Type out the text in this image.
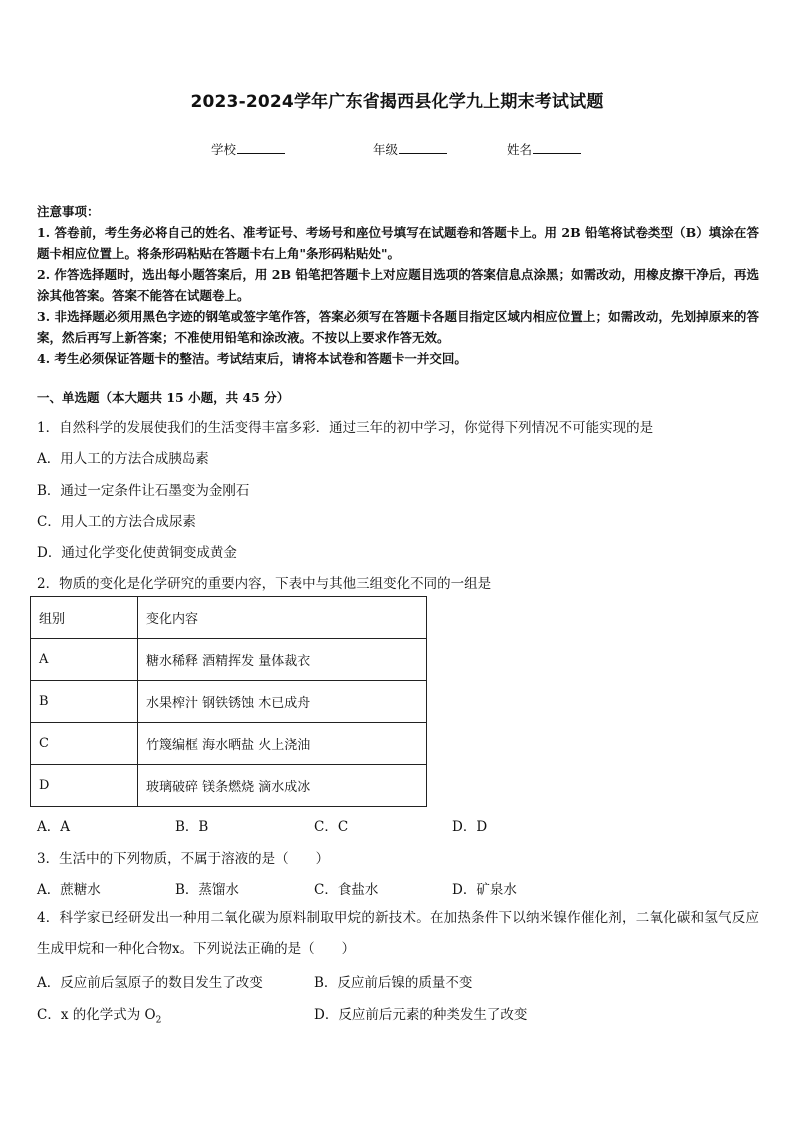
2023-2024学年广东省揭西县化学九上期末考试试题
学校	年级	姓名
注意事项：
1. 答卷前，考生务必将自己的姓名、准考证号、考场号和座位号填写在试题卷和答题卡上。用 2B 铅笔将试卷类型（B）填涂在答题卡相应位置上。将条形码粘贴在答题卡右上角"条形码粘贴处"。
2. 作答选择题时，选出每小题答案后，用 2B 铅笔把答题卡上对应题目选项的答案信息点涂黑；如需改动，用橡皮擦干净后，再选涂其他答案。答案不能答在试题卷上。
3. 非选择题必须用黑色字迹的钢笔或签字笔作答，答案必须写在答题卡各题目指定区域内相应位置上；如需改动，先划掉原来的答案，然后再写上新答案；不准使用铅笔和涂改液。不按以上要求作答无效。
4. 考生必须保证答题卡的整洁。考试结束后，请将本试卷和答题卡一并交回。
一、单选题（本大题共 15 小题，共 45 分）
1．自然科学的发展使我们的生活变得丰富多彩．通过三年的初中学习，你觉得下列情况不可能实现的是
A．用人工的方法合成胰岛素
B．通过一定条件让石墨变为金刚石
C．用人工的方法合成尿素
D．通过化学变化使黄铜变成黄金
2．物质的变化是化学研究的重要内容，下表中与其他三组变化不同的一组是
组别	变化内容
A	糖水稀释 酒精挥发 量体裁衣
B	水果榨汁 钢铁锈蚀 木已成舟
C	竹篾编框 海水晒盐 火上浇油
D	玻璃破碎 镁条燃烧 滴水成冰
A．A	B．B	C．C	D．D
3．生活中的下列物质，不属于溶液的是（　　）
A．蔗糖水	B．蒸馏水	C．食盐水	D．矿泉水
4．科学家已经研发出一种用二氧化碳为原料制取甲烷的新技术。在加热条件下以纳米镍作催化剂，二氧化碳和氢气反应生成甲烷和一种化合物x。下列说法正确的是（　　）
A．反应前后氢原子的数目发生了改变	B．反应前后镍的质量不变
C．x 的化学式为 $O_2$	D．反应前后元素的种类发生了改变
